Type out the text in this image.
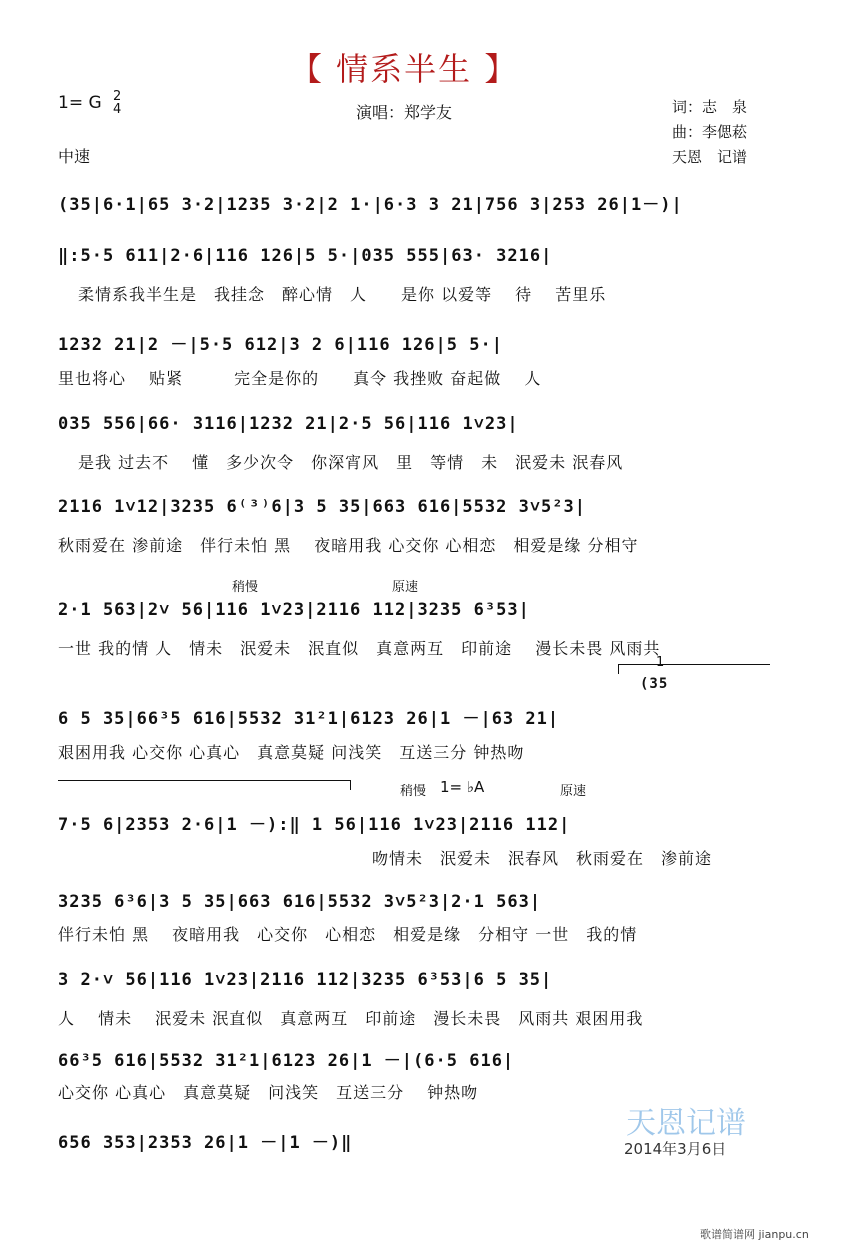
【 情系半生 】
1= G 2
4	演唱：郑学友	词：志　泉
曲：李偲菘
天恩　记谱
中速
(35|6·1|65 3·2|1235 3·2|2 1·|6·3 3 21|756 3|253 26|1－)|
‖:5·5 611|2·6|116 126|5 5·|035 555|63· 3216|
柔情系我半生是　我挂念　醉心情　人　　是你 以爱等　 待　 苦里乐
1232 21|2 －|5·5 612|3 2 6|116 126|5 5·|
里也将心　 贴紧　　　完全是你的　　真令 我挫败 奋起做　 人
035 556|66· 3116|1232 21|2·5 56|116 1˅23|
是我 过去不　 懂　多少次令　你深宵风　里　等情　未　泯爱未 泯春风
2116 1˅12|3235 6⁽³⁾6|3 5 35|663 616|5532 3˅5²3|
秋雨爱在 渗前途　伴行未怕 黑　 夜暗用我 心交你 心相恋　相爱是缘 分相守
稍慢	原速
2·1 563|2˅ 56|116 1˅23|2116 112|3235 6³53|
一世 我的情 人　情未　泯爱未　泯直似　真意两互　印前途　 漫长未畏 风雨共
1
(35
6 5 35|66³5 616|5532 31²1|6123 26|1 －|63 21|
艰困用我 心交你 心真心　真意莫疑 问浅笑　互送三分 钟热吻
稍慢 1= ♭A	原速
7·5 6|2353 2·6|1 －):‖ 1 56|116 1˅23|2116 112|
吻情未　泯爱未　泯春风　秋雨爱在　渗前途
3235 6³6|3 5 35|663 616|5532 3˅5²3|2·1 563|
伴行未怕 黑　 夜暗用我　心交你　心相恋　相爱是缘　分相守 一世　我的情
3 2·˅ 56|116 1˅23|2116 112|3235 6³53|6 5 35|
人　 情未　 泯爱未 泯直似　真意两互　印前途　漫长未畏　风雨共 艰困用我
66³5 616|5532 31²1|6123 26|1 －|(6·5 616|
心交你 心真心　真意莫疑　问浅笑　互送三分　 钟热吻
656 353|2353 26|1 －|1 －)‖
天恩记谱
2014年3月6日
歌谱简谱网 jianpu.cn
